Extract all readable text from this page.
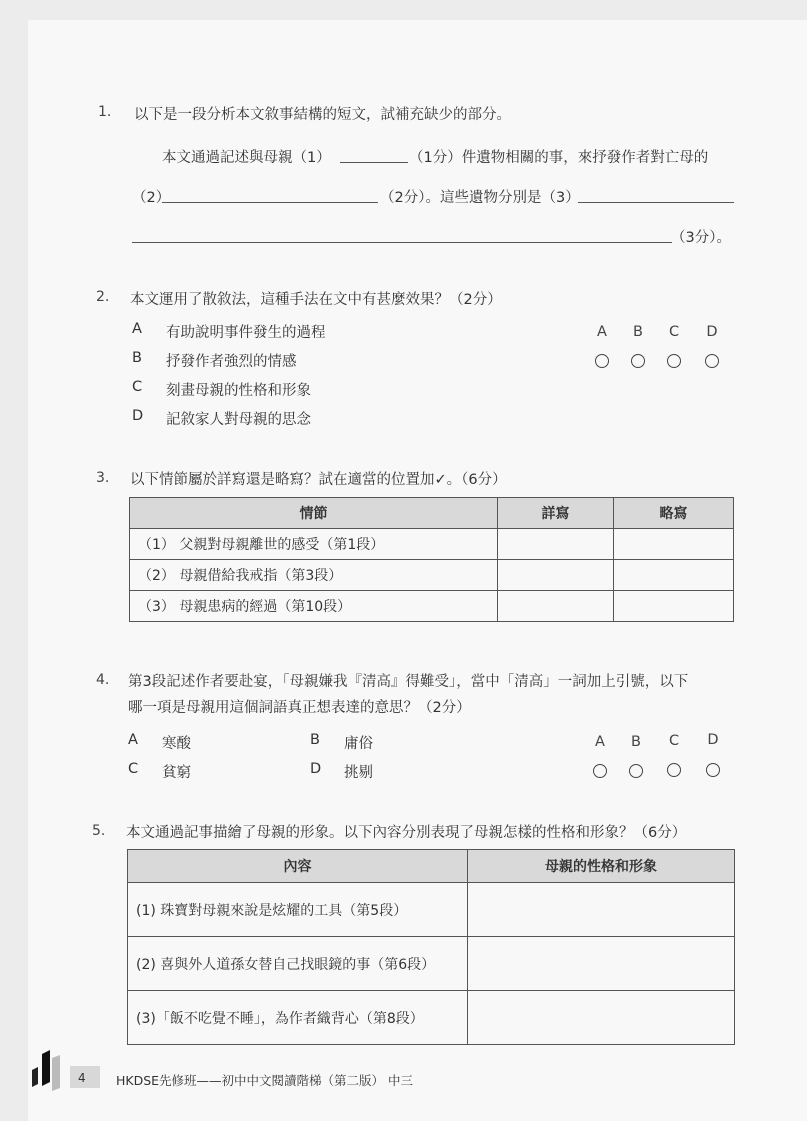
1. 以下是一段分析本文敘事結構的短文，試補充缺少的部分。
本文通過記述與母親（1）	（1分）件遺物相關的事，來抒發作者對亡母的
（2）	（2分）。這些遺物分別是（3）
（3分）。
2. 本文運用了散敘法，這種手法在文中有甚麼效果？（2分）
A 有助說明事件發生的過程
B 抒發作者強烈的情感
C 刻畫母親的性格和形象
D 記敘家人對母親的思念
A	B	C	D
3. 以下情節屬於詳寫還是略寫？試在適當的位置加✓。（6分）
情節	詳寫	略寫
（1） 父親對母親離世的感受（第1段）		
（2） 母親借給我戒指（第3段）		
（3） 母親患病的經過（第10段）		
4. 第3段記述作者要赴宴，「母親嫌我『清高』得難受」，當中「清高」一詞加上引號，以下
哪一項是母親用這個詞語真正想表達的意思？（2分）
A 寒酸	B 庸俗
C 貧窮	D 挑剔
A	B	C	D
5. 本文通過記事描繪了母親的形象。以下內容分別表現了母親怎樣的性格和形象？（6分）
內容	母親的性格和形象
(1) 珠寶對母親來說是炫耀的工具（第5段）	
(2) 喜與外人道孫女替自己找眼鏡的事（第6段）	
(3)「飯不吃覺不睡」，為作者織背心（第8段）	
4 HKDSE先修班——初中中文閱讀階梯（第二版） 中三
